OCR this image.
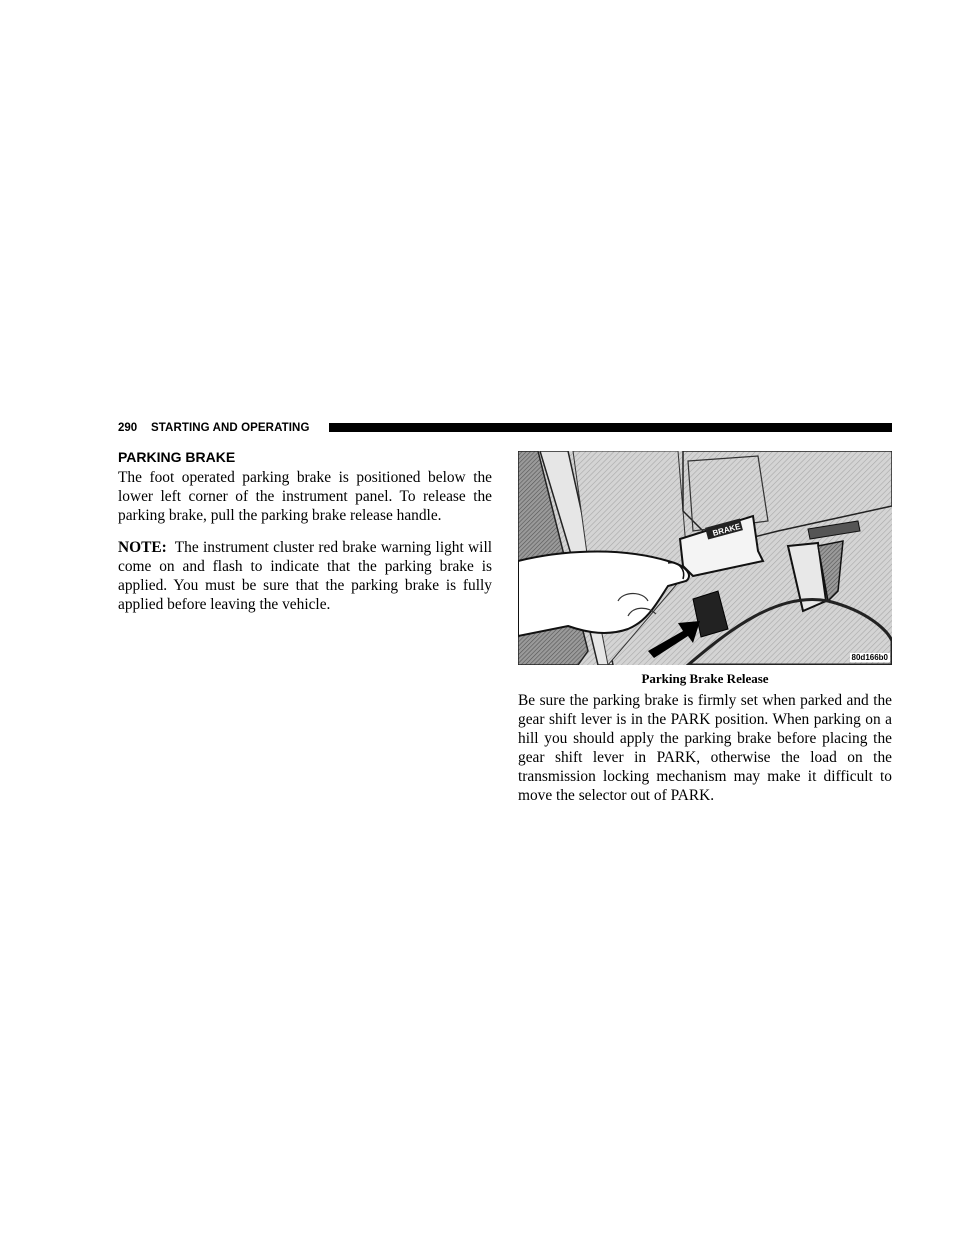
290 STARTING AND OPERATING
PARKING BRAKE

The foot operated parking brake is positioned below the lower left corner of the instrument panel. To release the parking brake, pull the parking brake release handle.

NOTE: The instrument cluster red brake warning light will come on and flash to indicate that the parking brake is applied. You must be sure that the parking brake is fully applied before leaving the vehicle.

BRAKE
80d166b0
Parking Brake Release

Be sure the parking brake is firmly set when parked and the gear shift lever is in the PARK position. When parking on a hill you should apply the parking brake before placing the gear shift lever in PARK, otherwise the load on the transmission locking mechanism may make it difficult to move the selector out of PARK.
